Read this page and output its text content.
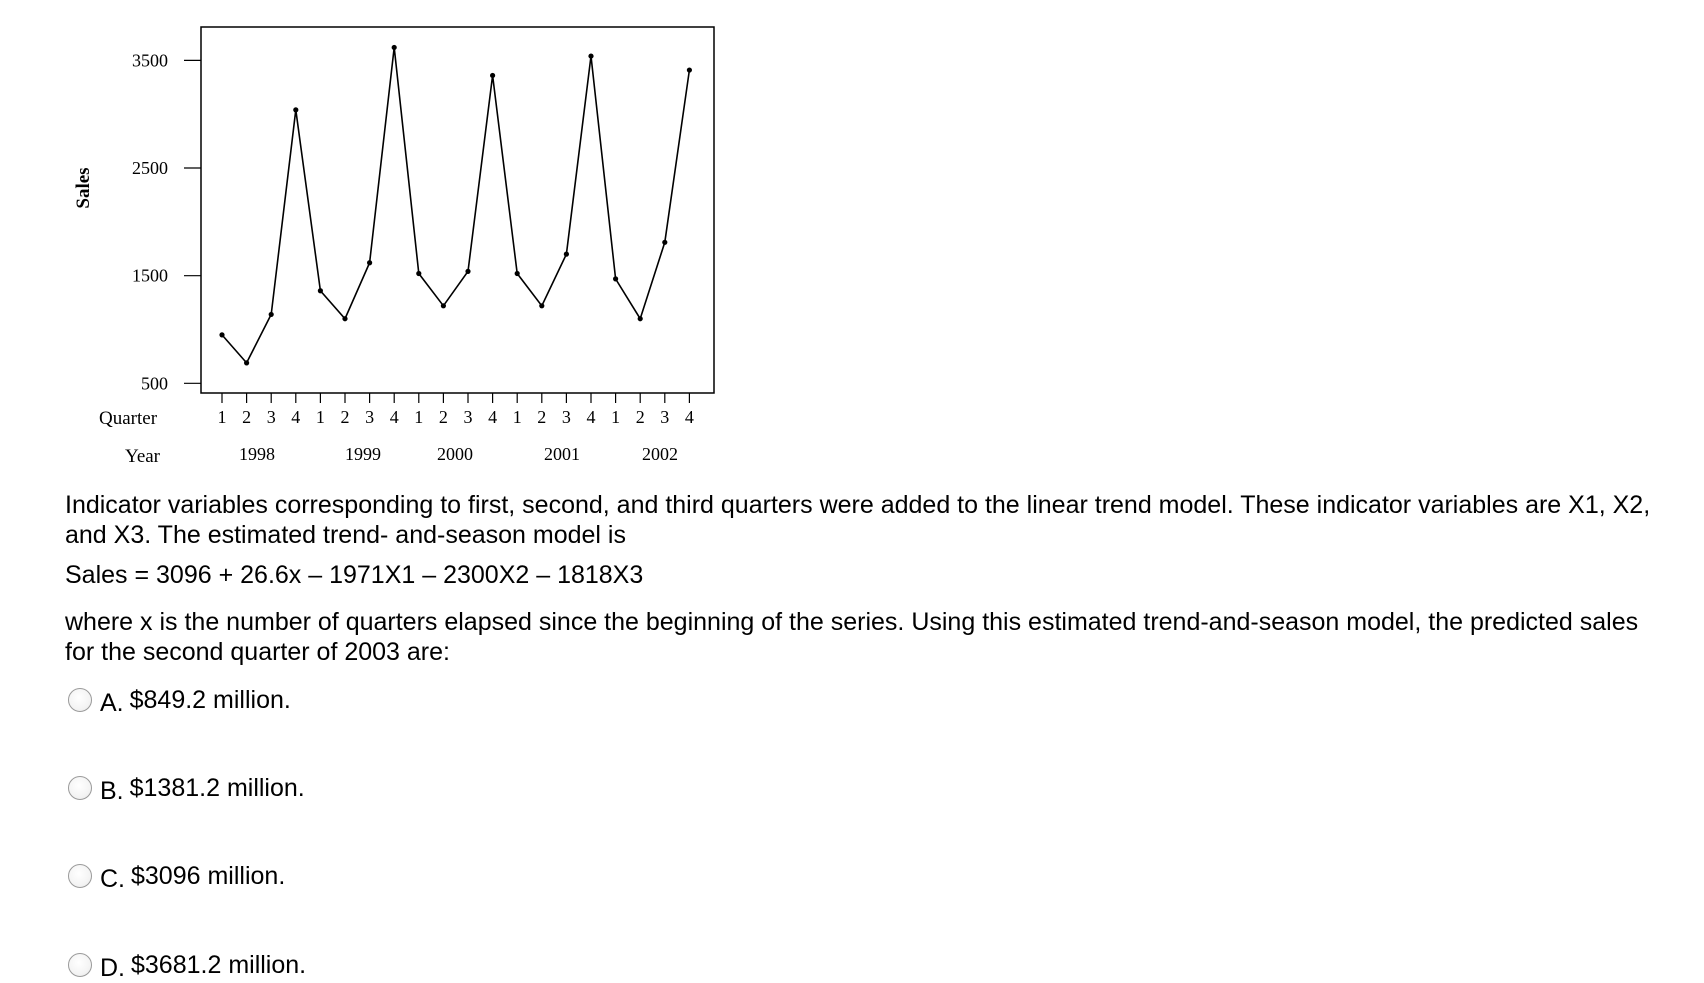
500
1500
2500
3500
Sales
1 2 3 4 1 2 3 4 1 2 3 4 1 2 3 4 1 2 3 4
Quarter
Year	1998	1999	2000	2001	2002

Indicator variables corresponding to first, second, and third quarters were added to the linear trend model. These indicator variables are X1, X2, and X3. The estimated trend- and-season model is

Sales = 3096 + 26.6x – 1971X1 – 2300X2 – 1818X3

where x is the number of quarters elapsed since the beginning of the series. Using this estimated trend-and-season model, the predicted sales for the second quarter of 2003 are:

A. $849.2 million.
B. $1381.2 million.
C. $3096 million.
D. $3681.2 million.
